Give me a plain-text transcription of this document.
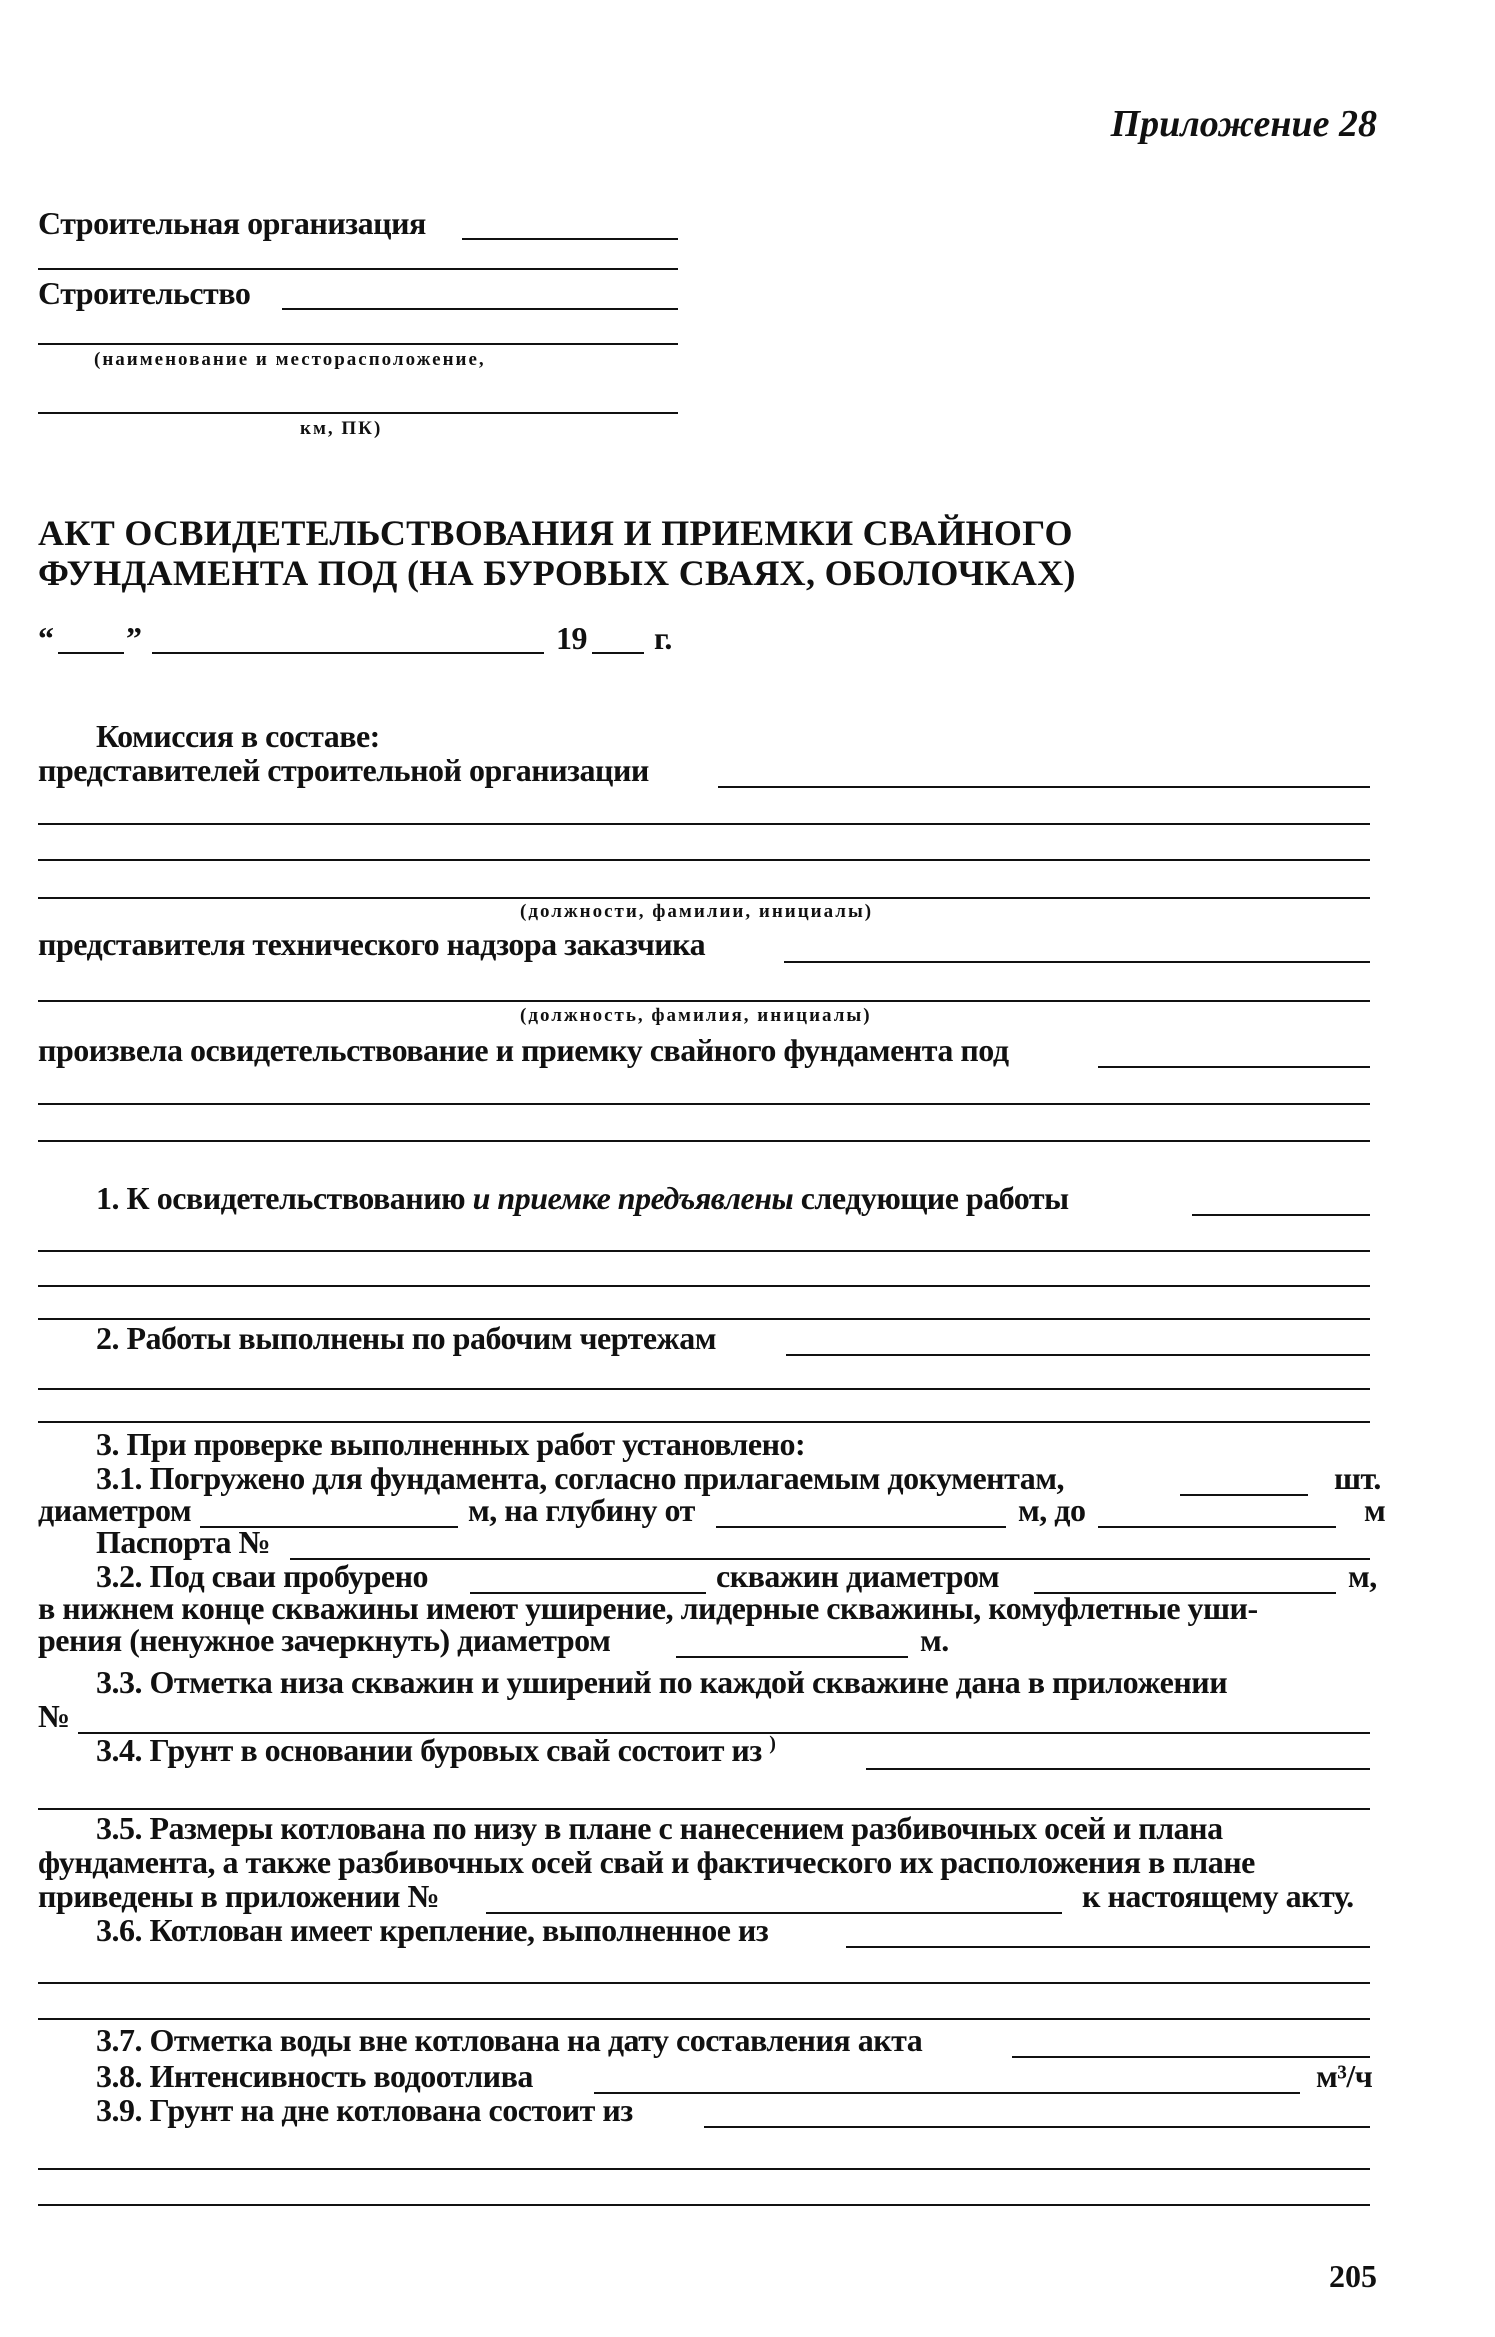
Приложение 28
Строительная организация
Строительство
(наименование и месторасположение,
км, ПК)
АКТ ОСВИДЕТЕЛЬСТВОВАНИЯ И ПРИЕМКИ СВАЙНОГО
ФУНДАМЕНТА ПОД (НА БУРОВЫХ СВАЯХ, ОБОЛОЧКАХ)
“ ”	19 г.
Комиссия в составе:
представителей строительной организации
(должности, фамилии, инициалы)
представителя технического надзора заказчика
(должность, фамилия, инициалы)
произвела освидетельствование и приемку свайного фундамента под
1. К освидетельствованию и приемке предъявлены следующие работы
2. Работы выполнены по рабочим чертежам
3. При проверке выполненных работ установлено:
3.1. Погружено для фундамента, согласно прилагаемым документам,	шт.
диаметром	м, на глубину от	м, до	м
Паспорта №
3.2. Под сваи пробурено	скважин диаметром	м,
в нижнем конце скважины имеют уширение, лидерные скважины, комуфлетные уши-
рения (ненужное зачеркнуть) диаметром	м.
3.3. Отметка низа скважин и уширений по каждой скважине дана в приложении
№
3.4. Грунт в основании буровых свай состоит из )
3.5. Размеры котлована по низу в плане с нанесением разбивочных осей и плана
фундамента, а также разбивочных осей свай и фактического их расположения в плане
приведены в приложении №	к настоящему акту.
3.6. Котлован имеет крепление, выполненное из
3.7. Отметка воды вне котлована на дату составления акта
3.8. Интенсивность водоотлива	м³/ч
3.9. Грунт на дне котлована состоит из
205
